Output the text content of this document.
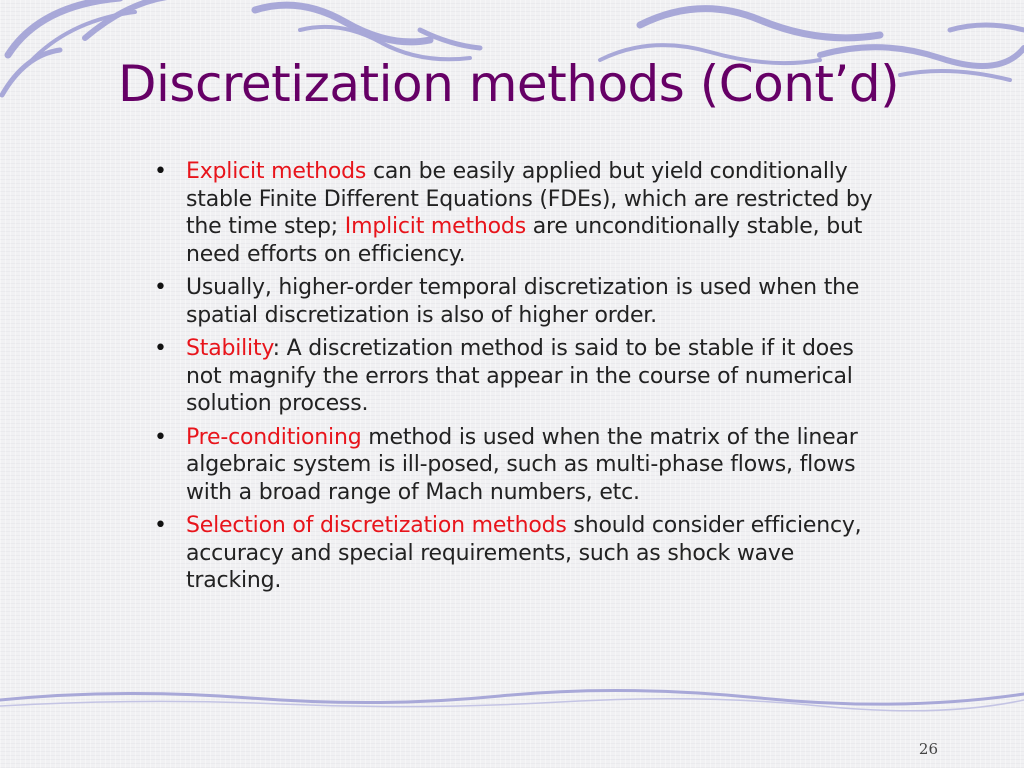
Discretization methods (Cont’d)
• Explicit methods can be easily applied but yield conditionally stable Finite Different Equations (FDEs), which are restricted by the time step; Implicit methods are unconditionally stable, but need efforts on efficiency.
• Usually, higher-order temporal discretization is used when the spatial discretization is also of higher order.
• Stability: A discretization method is said to be stable if it does not magnify the errors that appear in the course of numerical solution process.
• Pre-conditioning method is used when the matrix of the linear algebraic system is ill-posed, such as multi-phase flows, flows with a broad range of Mach numbers, etc.
• Selection of discretization methods should consider efficiency, accuracy and special requirements, such as shock wave tracking.
26
